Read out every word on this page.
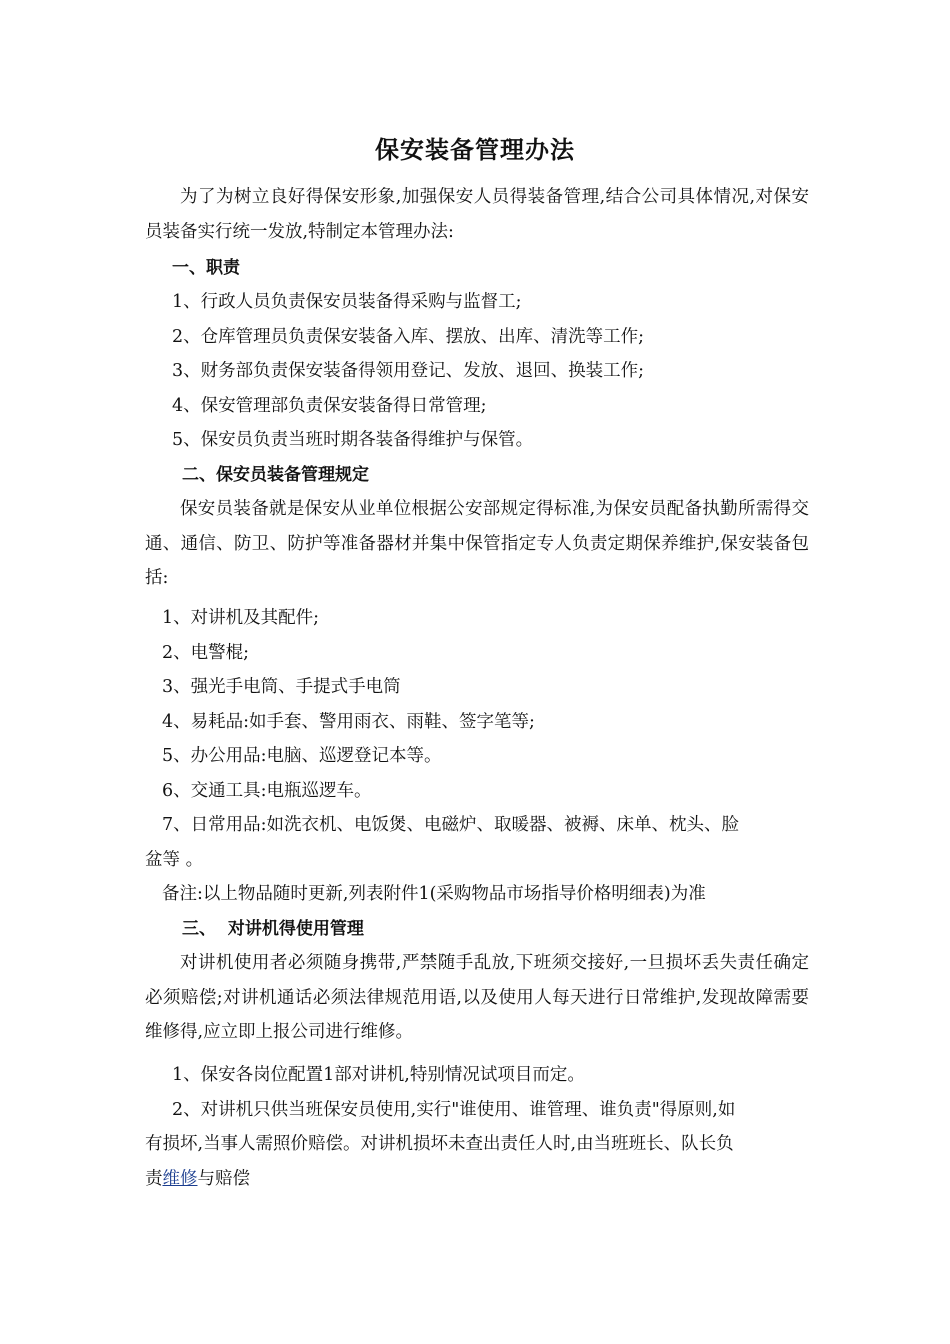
保安装备管理办法
为了为树立良好得保安形象,加强保安人员得装备管理,结合公司具体情况,对保安员装备实行统一发放,特制定本管理办法:
一、职责
1、行政人员负责保安员装备得采购与监督工;
2、仓库管理员负责保安装备入库、摆放、出库、清洗等工作;
3、财务部负责保安装备得领用登记、发放、退回、换装工作;
4、保安管理部负责保安装备得日常管理;
5、保安员负责当班时期各装备得维护与保管。
二、保安员装备管理规定
保安员装备就是保安从业单位根据公安部规定得标准,为保安员配备执勤所需得交通、通信、防卫、防护等准备器材并集中保管指定专人负责定期保养维护,保安装备包括:
1、对讲机及其配件;
2、电警棍;
3、强光手电筒、手提式手电筒
4、易耗品:如手套、警用雨衣、雨鞋、签字笔等;
5、办公用品:电脑、巡逻登记本等。
6、交通工具:电瓶巡逻车。
7、日常用品:如洗衣机、电饭煲、电磁炉、取暖器、被褥、床单、枕头、脸
盆等 。
备注:以上物品随时更新,列表附件1(采购物品市场指导价格明细表)为准
三、 对讲机得使用管理
对讲机使用者必须随身携带,严禁随手乱放,下班须交接好,一旦损坏丢失责任确定必须赔偿;对讲机通话必须法律规范用语,以及使用人每天进行日常维护,发现故障需要维修得,应立即上报公司进行维修。
1、保安各岗位配置1部对讲机,特别情况试项目而定。
2、对讲机只供当班保安员使用,实行"谁使用、谁管理、谁负责"得原则,如
有损坏,当事人需照价赔偿。对讲机损坏未查出责任人时,由当班班长、队长负
责维修与赔偿
